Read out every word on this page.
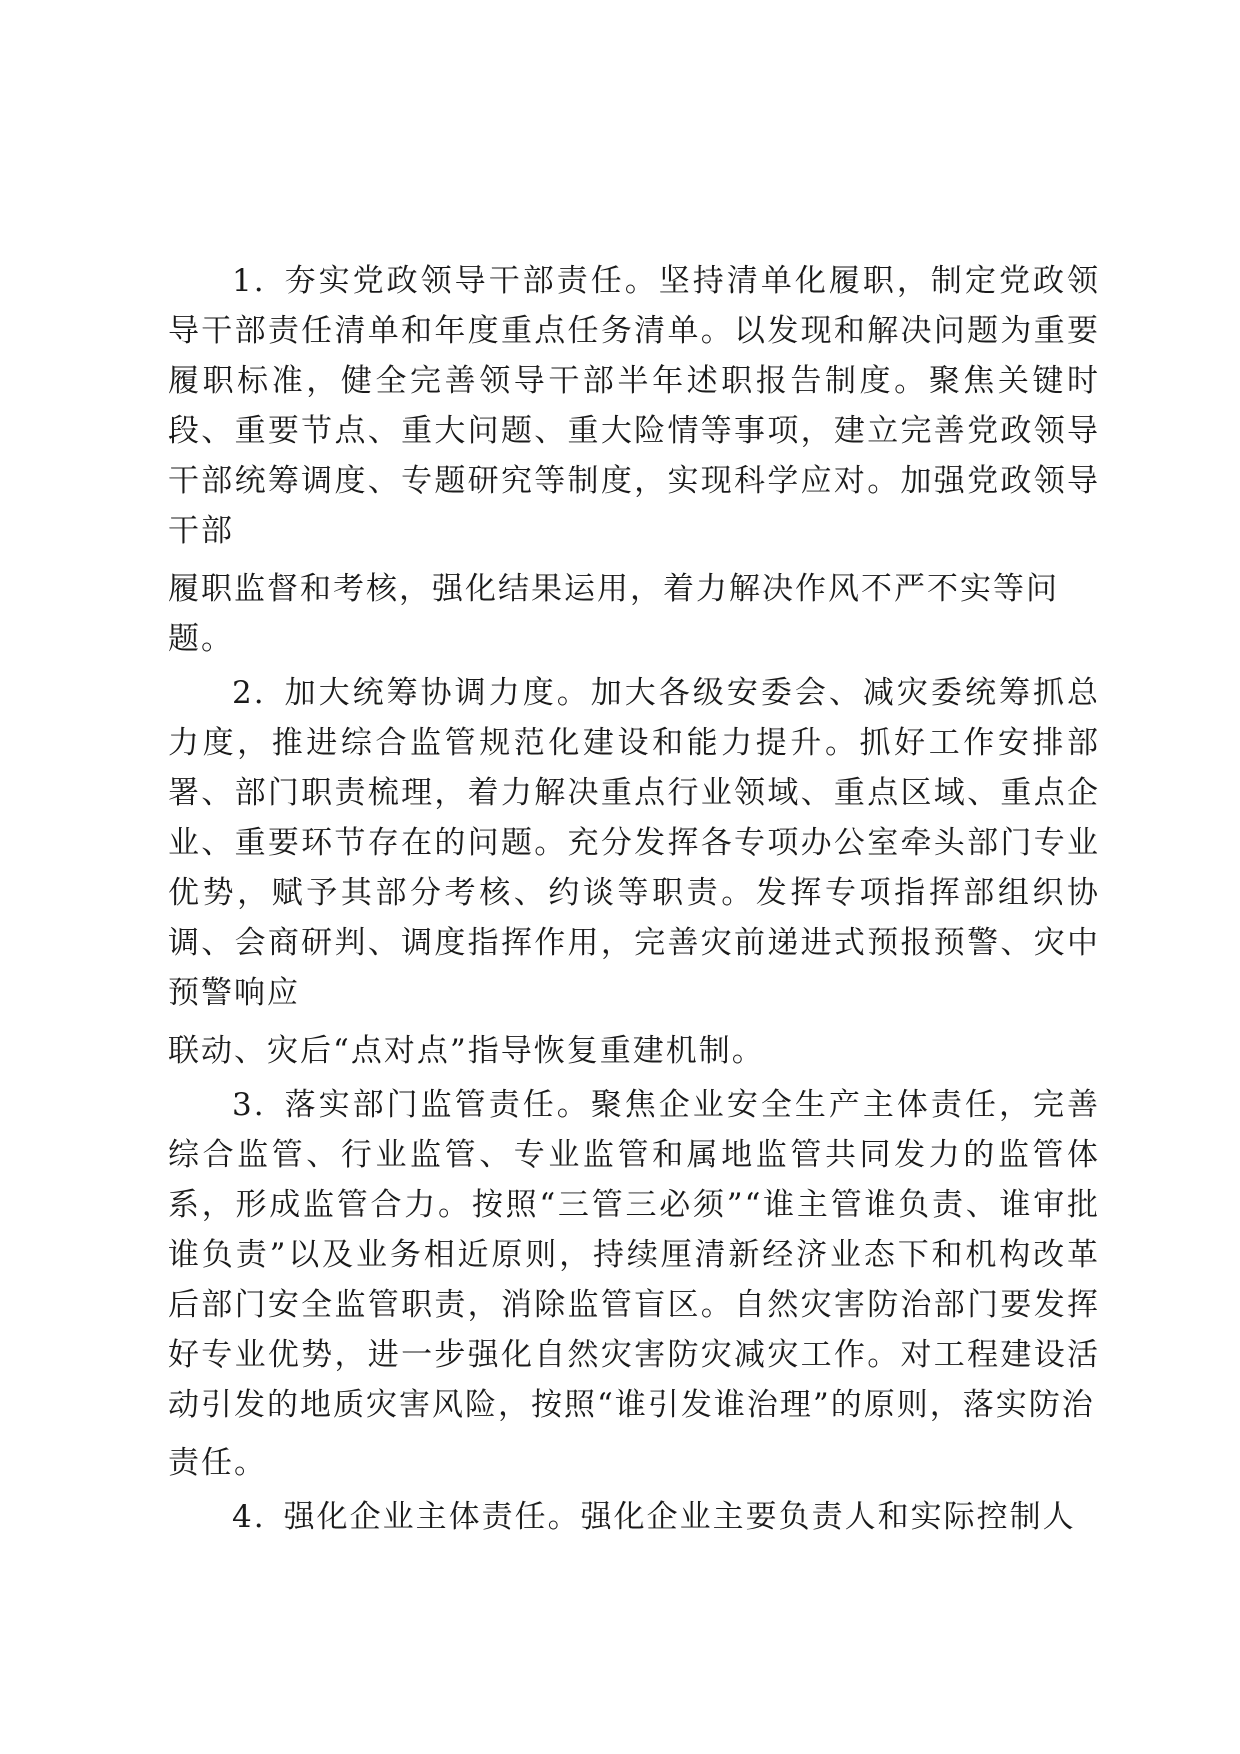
1. 夯实党政领导干部责任。坚持清单化履职，制定党政领导干部责任清单和年度重点任务清单。以发现和解决问题为重要履职标准，健全完善领导干部半年述职报告制度。聚焦关键时段、重要节点、重大问题、重大险情等事项，建立完善党政领导干部统筹调度、专题研究等制度，实现科学应对。加强党政领导干部
履职监督和考核，强化结果运用，着力解决作风不严不实等问题。

2. 加大统筹协调力度。加大各级安委会、减灾委统筹抓总力度，推进综合监管规范化建设和能力提升。抓好工作安排部署、部门职责梳理，着力解决重点行业领域、重点区域、重点企业、重要环节存在的问题。充分发挥各专项办公室牵头部门专业优势，赋予其部分考核、约谈等职责。发挥专项指挥部组织协调、会商研判、调度指挥作用，完善灾前递进式预报预警、灾中预警响应
联动、灾后“点对点”指导恢复重建机制。

3. 落实部门监管责任。聚焦企业安全生产主体责任，完善综合监管、行业监管、专业监管和属地监管共同发力的监管体系，形成监管合力。按照“三管三必须”“谁主管谁负责、谁审批谁负责”以及业务相近原则，持续厘清新经济业态下和机构改革后部门安全监管职责，消除监管盲区。自然灾害防治部门要发挥好专业优势，进一步强化自然灾害防灾减灾工作。对工程建设活动引发的地质灾害风险，按照“谁引发谁治理”的原则，落实防治
责任。

4. 强化企业主体责任。强化企业主要负责人和实际控制人
